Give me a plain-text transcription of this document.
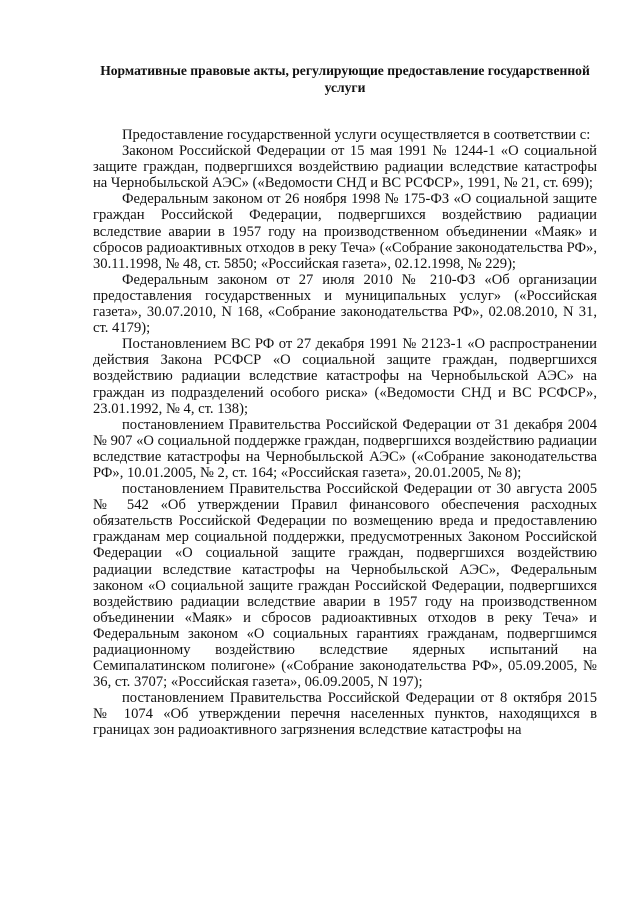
Нормативные правовые акты, регулирующие предоставление государственной услуги

Предоставление государственной услуги осуществляется в соответствии с:

Законом Российской Федерации от 15 мая 1991 № 1244-1 «О социальной защите граждан, подвергшихся воздействию радиации вследствие катастрофы на Чернобыльской АЭС» («Ведомости СНД и ВС РСФСР», 1991, № 21, ст. 699);

Федеральным законом от 26 ноября 1998 № 175-ФЗ «О социальной защите граждан Российской Федерации, подвергшихся воздействию радиации вследствие аварии в 1957 году на производственном объединении «Маяк» и сбросов радиоактивных отходов в реку Теча» («Собрание законодательства РФ», 30.11.1998, № 48, ст. 5850; «Российская газета», 02.12.1998, № 229);

Федеральным законом от 27 июля 2010 № 210-ФЗ «Об организации предоставления государственных и муниципальных услуг» («Российская газета», 30.07.2010, N 168, «Собрание законодательства РФ», 02.08.2010, N 31, ст. 4179);

Постановлением ВС РФ от 27 декабря 1991 № 2123-1 «О распространении действия Закона РСФСР «О социальной защите граждан, подвергшихся воздействию радиации вследствие катастрофы на Чернобыльской АЭС» на граждан из подразделений особого риска» («Ведомости СНД и ВС РСФСР», 23.01.1992, № 4, ст. 138);

постановлением Правительства Российской Федерации от 31 декабря 2004 № 907 «О социальной поддержке граждан, подвергшихся воздействию радиации вследствие катастрофы на Чернобыльской АЭС» («Собрание законодательства РФ», 10.01.2005, № 2, ст. 164; «Российская газета», 20.01.2005, № 8);

постановлением Правительства Российской Федерации от 30 августа 2005 № 542 «Об утверждении Правил финансового обеспечения расходных обязательств Российской Федерации по возмещению вреда и предоставлению гражданам мер социальной поддержки, предусмотренных Законом Российской Федерации «О социальной защите граждан, подвергшихся воздействию радиации вследствие катастрофы на Чернобыльской АЭС», Федеральным законом «О социальной защите граждан Российской Федерации, подвергшихся воздействию радиации вследствие аварии в 1957 году на производственном объединении «Маяк» и сбросов радиоактивных отходов в реку Теча» и Федеральным законом «О социальных гарантиях гражданам, подвергшимся радиационному воздействию вследствие ядерных испытаний на Семипалатинском полигоне» («Собрание законодательства РФ», 05.09.2005, № 36, ст. 3707; «Российская газета», 06.09.2005, N 197);

постановлением Правительства Российской Федерации от 8 октября 2015 № 1074 «Об утверждении перечня населенных пунктов, находящихся в границах зон радиоактивного загрязнения вследствие катастрофы на
